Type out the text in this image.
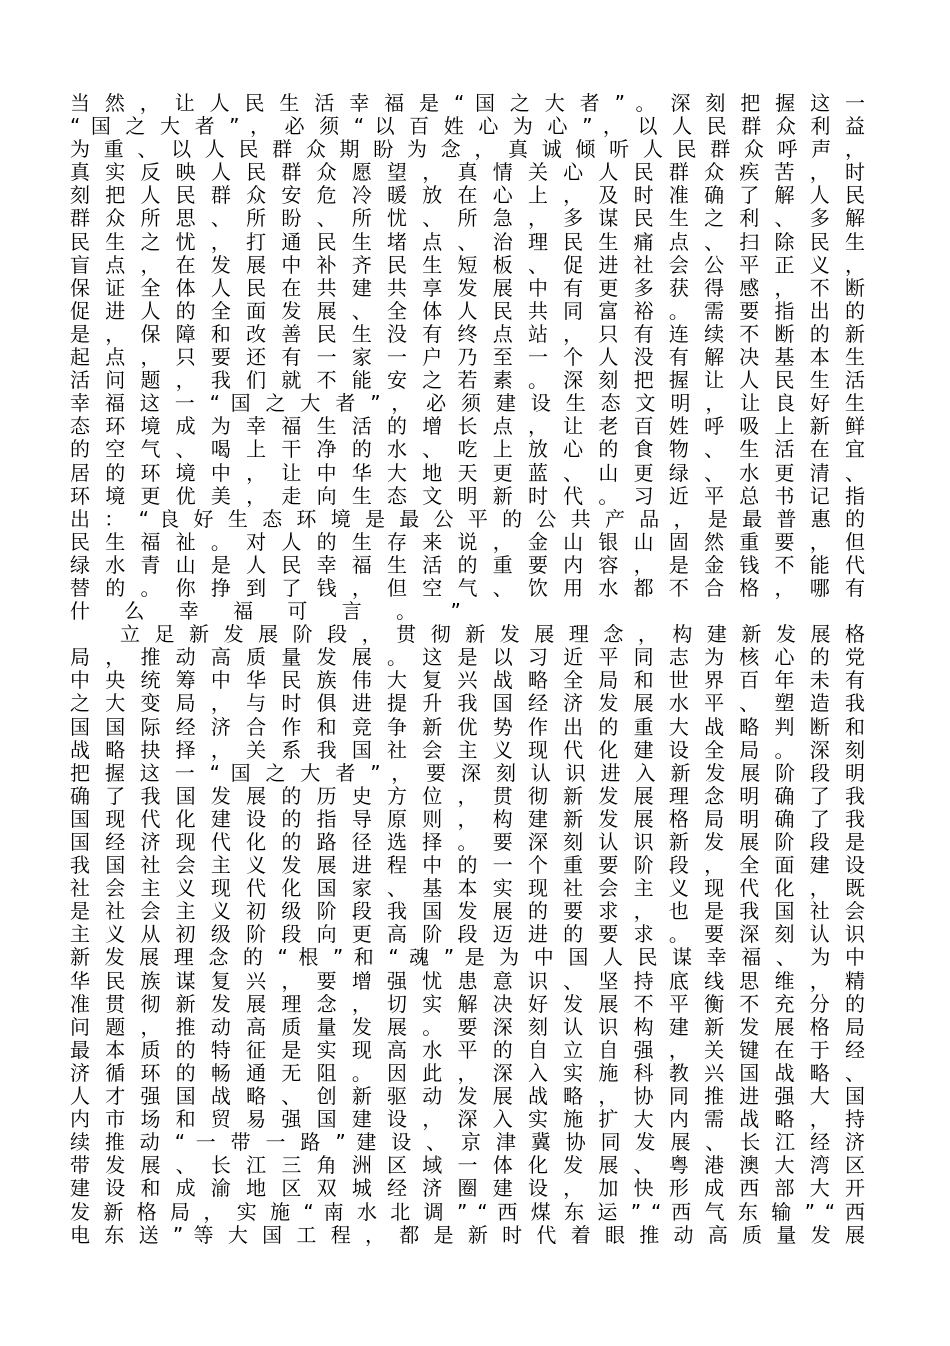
当 然 ， 让 人 民 生 活 幸 福 是 “ 国 之 大 者 ” 。 深 刻 把 握 这 一
“ 国 之 大 者 ” ， 必 须 “ 以 百 姓 心 为 心 ” ， 以 人 民 群 众 利 益
为 重 、 以 人 民 群 众 期 盼 为 念 ， 真 诚 倾 听 人 民 群 众 呼 声 ，
真 实 反 映 人 民 群 众 愿 望 ， 真 情 关 心 人 民 群 众 疾 苦 ， 时
刻 把 人 民 群 众 安 危 冷 暖 放 在 心 上 ， 及 时 准 确 了 解 人 民
群 众 所 思 、 所 盼 、 所 忧 、 所 急 ， 多 谋 民 生 之 利 、 多 解
民 生 之 忧 ， 打 通 民 生 堵 点 、 治 理 民 生 痛 点 、 扫 除 民 生
盲 点 ， 在 发 展 中 补 齐 民 生 短 板 、 促 进 社 会 公 平 正 义 ，
保 证 全 体 人 民 在 共 建 共 享 发 展 中 有 更 多 获 得 感 ， 不 断
促 进 人 的 全 面 发 展 、 全 体 人 民 共 同 富 裕 。 需 要 指 出 的
是 ， 保 障 和 改 善 民 生 没 有 终 点 站 ， 只 有 连 续 不 断 的 新
起 点 ， 只 要 还 有 一 家 一 户 乃 至 一 个 人 没 有 解 决 基 本 生
活 问 题 ， 我 们 就 不 能 安 之 若 素 。 深 刻 把 握 让 人 民 生 活
幸 福 这 一 “ 国 之 大 者 ” ， 必 须 建 设 生 态 文 明 ， 让 良 好 生
态 环 境 成 为 幸 福 生 活 的 增 长 点 ， 让 老 百 姓 呼 吸 上 新 鲜
的 空 气 、 喝 上 干 净 的 水 、 吃 上 放 心 的 食 物 、 生 活 在 宜
居 的 环 境 中 ， 让 中 华 大 地 天 更 蓝 、 山 更 绿 、 水 更 清 、
环 境 更 优 美 ， 走 向 生 态 文 明 新 时 代 。 习 近 平 总 书 记 指
出 ： “ 良 好 生 态 环 境 是 最 公 平 的 公 共 产 品 ， 是 最 普 惠 的
民 生 福 祉 。 对 人 的 生 存 来 说 ， 金 山 银 山 固 然 重 要 ， 但
绿 水 青 山 是 人 民 幸 福 生 活 的 重 要 内 容 ， 是 金 钱 不 能 代
替 的 。 你 挣 到 了 钱 ， 但 空 气 、 饮 用 水 都 不 合 格 ， 哪 有
什 么 幸 福 可 言 。 ”
立 足 新 发 展 阶 段 ， 贯 彻 新 发 展 理 念 ， 构 建 新 发 展 格
局 ， 推 动 高 质 量 发 展 。 这 是 以 习 近 平 同 志 为 核 心 的 党
中 央 统 筹 中 华 民 族 伟 大 复 兴 战 略 全 局 和 世 界 百 年 未 有
之 大 变 局 ， 与 时 俱 进 提 升 我 国 经 济 发 展 水 平 、 塑 造 我
国 国 际 经 济 合 作 和 竞 争 新 优 势 作 出 的 重 大 战 略 判 断 和
战 略 抉 择 ， 关 系 我 国 社 会 主 义 现 代 化 建 设 全 局 。 深 刻
把 握 这 一 “ 国 之 大 者 ” ， 要 深 刻 认 识 进 入 新 发 展 阶 段 明
确 了 我 国 发 展 的 历 史 方 位 ， 贯 彻 新 发 展 理 念 明 确 了 我
国 现 代 化 建 设 的 指 导 原 则 ， 构 建 新 发 展 格 局 明 确 了 我
国 经 济 现 代 化 的 路 径 选 择 。 要 深 刻 认 识 新 发 展 阶 段 是
我 国 社 会 主 义 发 展 进 程 中 的 一 个 重 要 阶 段 ， 全 面 建 设
社 会 主 义 现 代 化 国 家 、 基 本 实 现 社 会 主 义 现 代 化 ， 既
是 社 会 主 义 初 级 阶 段 我 国 发 展 的 要 求 ， 也 是 我 国 社 会
主 义 从 初 级 阶 段 向 更 高 阶 段 迈 进 的 要 求 。 要 深 刻 认 识
新 发 展 理 念 的 “ 根 ” 和 “ 魂 ” 是 为 中 国 人 民 谋 幸 福 、 为 中
华 民 族 谋 复 兴 ， 要 增 强 忧 患 意 识 、 坚 持 底 线 思 维 ， 精
准 贯 彻 新 发 展 理 念 ， 切 实 解 决 好 发 展 不 平 衡 不 充 分 的
问 题 ， 推 动 高 质 量 发 展 。 要 深 刻 认 识 构 建 新 发 展 格 局
最 本 质 的 特 征 是 实 现 高 水 平 的 自 立 自 强 ， 关 键 在 于 经
济 循 环 的 畅 通 无 阻 。 因 此 ， 深 入 实 施 科 教 兴 国 战 略 、
人 才 强 国 战 略 、 创 新 驱 动 发 展 战 略 ， 协 同 推 进 强 大 国
内 市 场 和 贸 易 强 国 建 设 ， 深 入 实 施 扩 大 内 需 战 略 ， 持
续 推 动 “ 一 带 一 路 ” 建 设 、 京 津 冀 协 同 发 展 、 长 江 经 济
带 发 展 、 长 江 三 角 洲 区 域 一 体 化 发 展 、 粤 港 澳 大 湾 区
建 设 和 成 渝 地 区 双 城 经 济 圈 建 设 ， 加 快 形 成 西 部 大 开
发 新 格 局 ， 实 施 “ 南 水 北 调 ” “ 西 煤 东 运 ” “ 西 气 东 输 ” “ 西
电 东 送 ” 等 大 国 工 程 ， 都 是 新 时 代 着 眼 推 动 高 质 量 发 展
